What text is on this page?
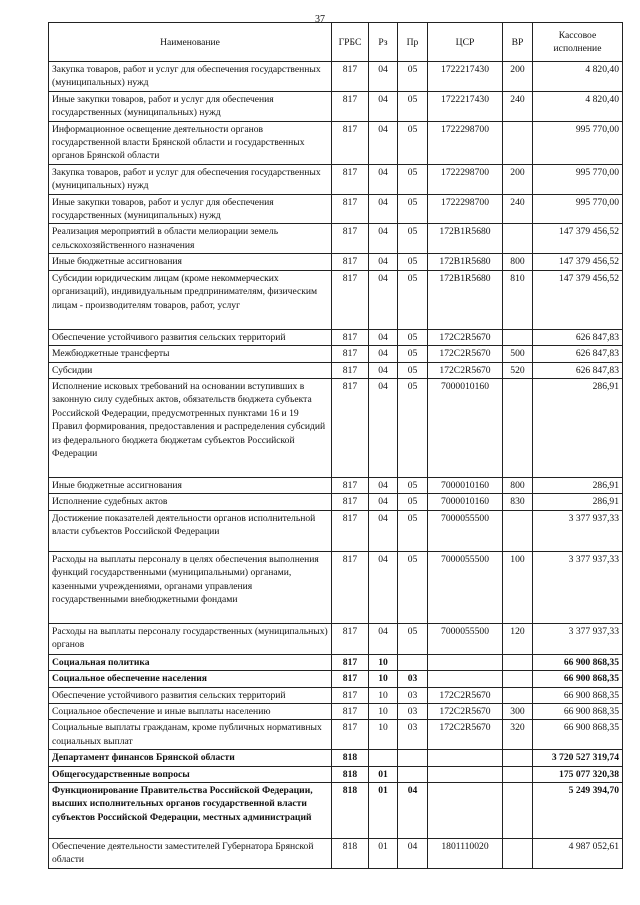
37
Наименование	ГРБС	Рз	Пр	ЦСР	ВР	Кассовое исполнение
Закупка товаров, работ и услуг для обеспечения государственных (муниципальных) нужд	817	04	05	1722217430	200	4 820,40
Иные закупки товаров, работ и услуг для обеспечения государственных (муниципальных) нужд	817	04	05	1722217430	240	4 820,40
Информационное освещение деятельности органов государственной власти Брянской области и государственных органов Брянской области	817	04	05	1722298700		995 770,00
Закупка товаров, работ и услуг для обеспечения государственных (муниципальных) нужд	817	04	05	1722298700	200	995 770,00
Иные закупки товаров, работ и услуг для обеспечения государственных (муниципальных) нужд	817	04	05	1722298700	240	995 770,00
Реализация мероприятий в области мелиорации земель сельскохозяйственного назначения	817	04	05	172B1R5680		147 379 456,52
Иные бюджетные ассигнования	817	04	05	172B1R5680	800	147 379 456,52
Субсидии юридическим лицам (кроме некоммерческих организаций), индивидуальным предпринимателям, физическим лицам - производителям товаров, работ, услуг	817	04	05	172B1R5680	810	147 379 456,52
Обеспечение устойчивого развития сельских территорий	817	04	05	172C2R5670		626 847,83
Межбюджетные трансферты	817	04	05	172C2R5670	500	626 847,83
Субсидии	817	04	05	172C2R5670	520	626 847,83
Исполнение исковых требований на основании вступивших в законную силу судебных актов, обязательств бюджета субъекта Российской Федерации, предусмотренных пунктами 16 и 19 Правил формирования, предоставления и распределения субсидий из федерального бюджета бюджетам субъектов Российской Федерации	817	04	05	7000010160		286,91
Иные бюджетные ассигнования	817	04	05	7000010160	800	286,91
Исполнение судебных актов	817	04	05	7000010160	830	286,91
Достижение показателей деятельности органов исполнительной власти субъектов Российской Федерации	817	04	05	7000055500		3 377 937,33
Расходы на выплаты персоналу в целях обеспечения выполнения функций государственными (муниципальными) органами, казенными учреждениями, органами управления государственными внебюджетными фондами	817	04	05	7000055500	100	3 377 937,33
Расходы на выплаты персоналу государственных (муниципальных) органов	817	04	05	7000055500	120	3 377 937,33
Социальная политика	817	10				66 900 868,35
Социальное обеспечение населения	817	10	03			66 900 868,35
Обеспечение устойчивого развития сельских территорий	817	10	03	172C2R5670		66 900 868,35
Социальное обеспечение и иные выплаты населению	817	10	03	172C2R5670	300	66 900 868,35
Социальные выплаты гражданам, кроме публичных нормативных социальных выплат	817	10	03	172C2R5670	320	66 900 868,35
Департамент финансов Брянской области	818					3 720 527 319,74
Общегосударственные вопросы	818	01				175 077 320,38
Функционирование Правительства Российской Федерации, высших исполнительных органов государственной власти субъектов Российской Федерации, местных администраций	818	01	04			5 249 394,70
Обеспечение деятельности заместителей Губернатора Брянской области	818	01	04	1801110020		4 987 052,61
